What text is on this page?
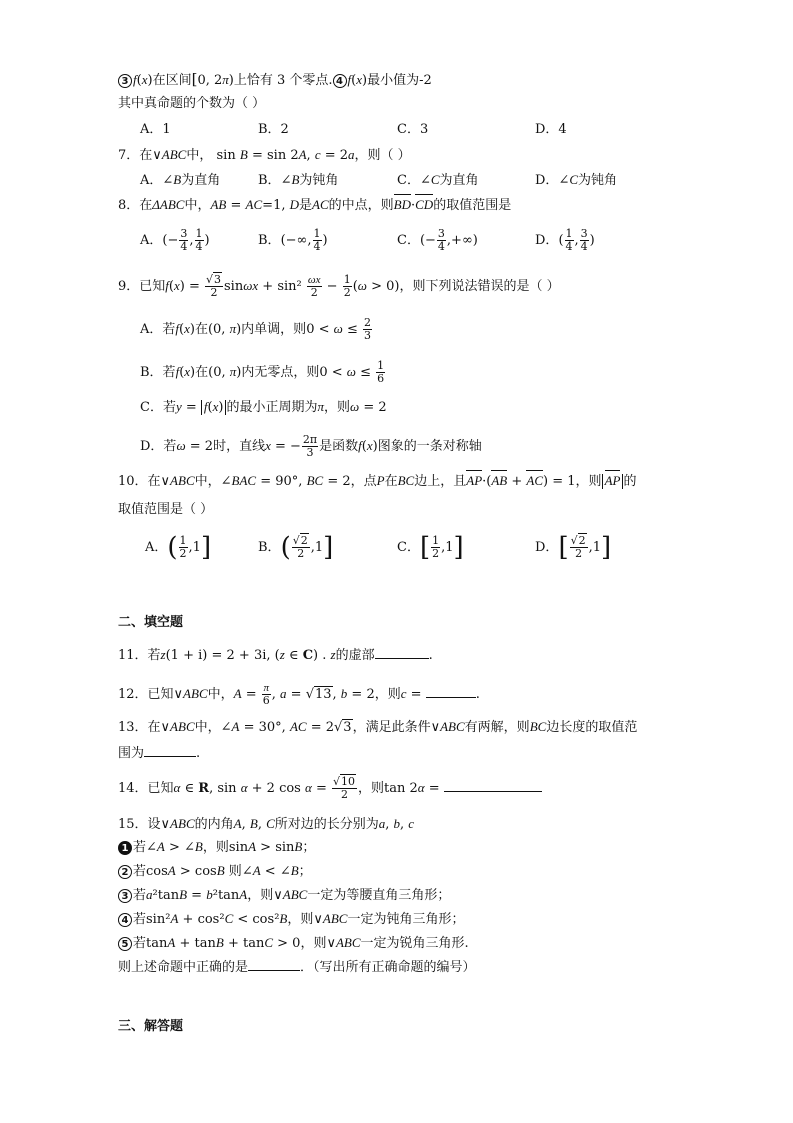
3 f(x)在区间[0, 2π)上恰有 3 个零点. 4 f(x)最小值为-2
其中真命题的个数为（ ）
A．1	B．2	C．3	D．4
7．在∨ABC中， sin B = sin 2A, c = 2a，则（ ）
A．∠B为直角	B．∠B为钝角	C．∠C为直角	D．∠C为钝角
8．在ΔABC中，AB = AC=1, D是AC的中点，则BD·CD的取值范围是
A．(− $\frac{3}{4}$ , $\frac{1}{4}$ )	B．(−∞, $\frac{1}{4}$ )	C．(− $\frac{3}{4}$ ,+∞)	D．( $\frac{1}{4}$ , $\frac{3}{4}$ )
9．已知$f(x) = \frac{√3}{2}$ $\sin\omega x + \sin^2 \frac{\omega x}{2} - \frac{1}{2} (\omega > 0)$，则下列说法错误的是（ ）
A．若f(x)在(0, π)内单调，则$0 < \omega \le \frac{2}{3}$
B．若f(x)在(0, π)内无零点，则$0 < \omega \le \frac{1}{6}$
C．若y = f(x) 的最小正周期为π，则ω = 2
D．若ω = 2时，直线x = − $\frac{2\pi}{3}$ 是函数f(x)图象的一条对称轴
10．在∨ABC中，∠BAC = 90°, BC = 2，点P在BC边上，且AP·(AB + AC) = 1，则 AP 的
取值范围是（ ）
A．( $\frac{1}{2} ,1$]	B．( $\frac{√2}{2} ,1$]	C．[ $\frac{1}{2} ,1$]	D．[ $\frac{√2}{2} ,1$]
二、填空题
11．若z(1 + i) = 2 + 3i, (z ∈ C) . z的虚部	.
12．已知∨ABC中，$A = \frac{\pi}{6}$ , a = √13, b = 2，则c =	.
13．在∨ABC中，∠A = 30°, AC = 2√3，满足此条件∨ABC有两解，则BC边长度的取值范
围为	.
14．已知α ∈ R, sin α + 2 $\cos \alpha = \frac{√10}{2}$ ，则tan 2α =
15．设∨ABC的内角A, B, C所对边的长分别为a, b, c
1 若∠A > ∠B，则sinA > sinB；
2 若cosA > cosB 则∠A < ∠B；
3 若a²tanB = b²tanA，则∨ABC一定为等腰直角三角形；
4 若sin²A + cos²C < cos²B，则∨ABC一定为钝角三角形；
5 若tanA + tanB + tanC > 0，则∨ABC一定为锐角三角形.
则上述命题中正确的是	．（写出所有正确命题的编号）
三、解答题
